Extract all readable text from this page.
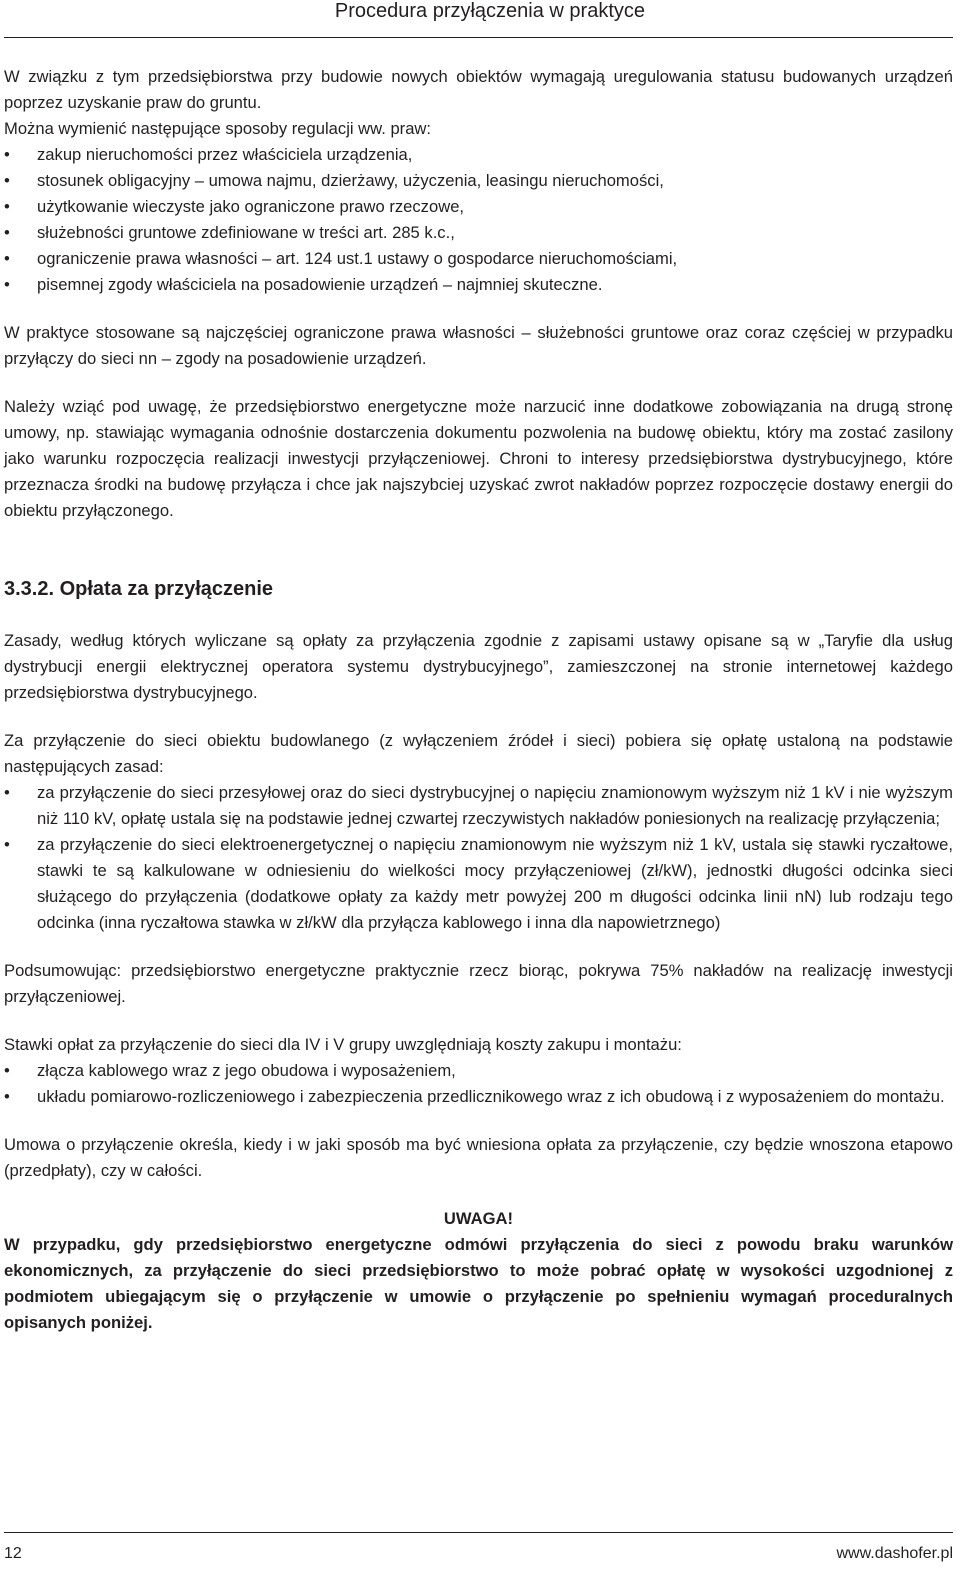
Procedura przyłączenia w praktyce

W związku z tym przedsiębiorstwa przy budowie nowych obiektów wymagają uregulowania statusu budowanych urządzeń poprzez uzyskanie praw do gruntu.

Można wymienić następujące sposoby regulacji ww. praw:

• zakup nieruchomości przez właściciela urządzenia,
• stosunek obligacyjny – umowa najmu, dzierżawy, użyczenia, leasingu nieruchomości,
• użytkowanie wieczyste jako ograniczone prawo rzeczowe,
• służebności gruntowe zdefiniowane w treści art. 285 k.c.,
• ograniczenie prawa własności – art. 124 ust.1 ustawy o gospodarce nieruchomościami,
• pisemnej zgody właściciela na posadowienie urządzeń – najmniej skuteczne.

W praktyce stosowane są najczęściej ograniczone prawa własności – służebności gruntowe oraz coraz częściej w przypadku przyłączy do sieci nn – zgody na posadowienie urządzeń.

Należy wziąć pod uwagę, że przedsiębiorstwo energetyczne może narzucić inne dodatkowe zobowiązania na drugą stronę umowy, np. stawiając wymagania odnośnie dostarczenia dokumentu pozwolenia na budowę obiektu, który ma zostać zasilony jako warunku rozpoczęcia realizacji inwestycji przyłączeniowej. Chroni to interesy przedsiębiorstwa dystrybucyjnego, które przeznacza środki na budowę przyłącza i chce jak najszybciej uzyskać zwrot nakładów poprzez rozpoczęcie dostawy energii do obiektu przyłączonego.

3.3.2. Opłata za przyłączenie

Zasady, według których wyliczane są opłaty za przyłączenia zgodnie z zapisami ustawy opisane są w „Taryfie dla usług dystrybucji energii elektrycznej operatora systemu dystrybucyjnego”, zamieszczonej na stronie internetowej każdego przedsiębiorstwa dystrybucyjnego.

Za przyłączenie do sieci obiektu budowlanego (z wyłączeniem źródeł i sieci) pobiera się opłatę ustaloną na podstawie następujących zasad:

• za przyłączenie do sieci przesyłowej oraz do sieci dystrybucyjnej o napięciu znamionowym wyższym niż 1 kV i nie wyższym niż 110 kV, opłatę ustala się na podstawie jednej czwartej rzeczywistych nakładów poniesionych na realizację przyłączenia;
• za przyłączenie do sieci elektroenergetycznej o napięciu znamionowym nie wyższym niż 1 kV, ustala się stawki ryczałtowe, stawki te są kalkulowane w odniesieniu do wielkości mocy przyłączeniowej (zł/kW), jednostki długości odcinka sieci służącego do przyłączenia (dodatkowe opłaty za każdy metr powyżej 200 m długości odcinka linii nN) lub rodzaju tego odcinka (inna ryczałtowa stawka w zł/kW dla przyłącza kablowego i inna dla napowietrznego)

Podsumowując: przedsiębiorstwo energetyczne praktycznie rzecz biorąc, pokrywa 75% nakładów na realizację inwestycji przyłączeniowej.

Stawki opłat za przyłączenie do sieci dla IV i V grupy uwzględniają koszty zakupu i montażu:

• złącza kablowego wraz z jego obudowa i wyposażeniem,
• układu pomiarowo-rozliczeniowego i zabezpieczenia przedlicznikowego wraz z ich obudową i z wyposażeniem do montażu.

Umowa o przyłączenie określa, kiedy i w jaki sposób ma być wniesiona opłata za przyłączenie, czy będzie wnoszona etapowo (przedpłaty), czy w całości.

UWAGA!

W przypadku, gdy przedsiębiorstwo energetyczne odmówi przyłączenia do sieci z powodu braku warunków ekonomicznych, za przyłączenie do sieci przedsiębiorstwo to może pobrać opłatę w wysokości uzgodnionej z podmiotem ubiegającym się o przyłączenie w umowie o przyłączenie po spełnieniu wymagań proceduralnych opisanych poniżej.

12	www.dashofer.pl
